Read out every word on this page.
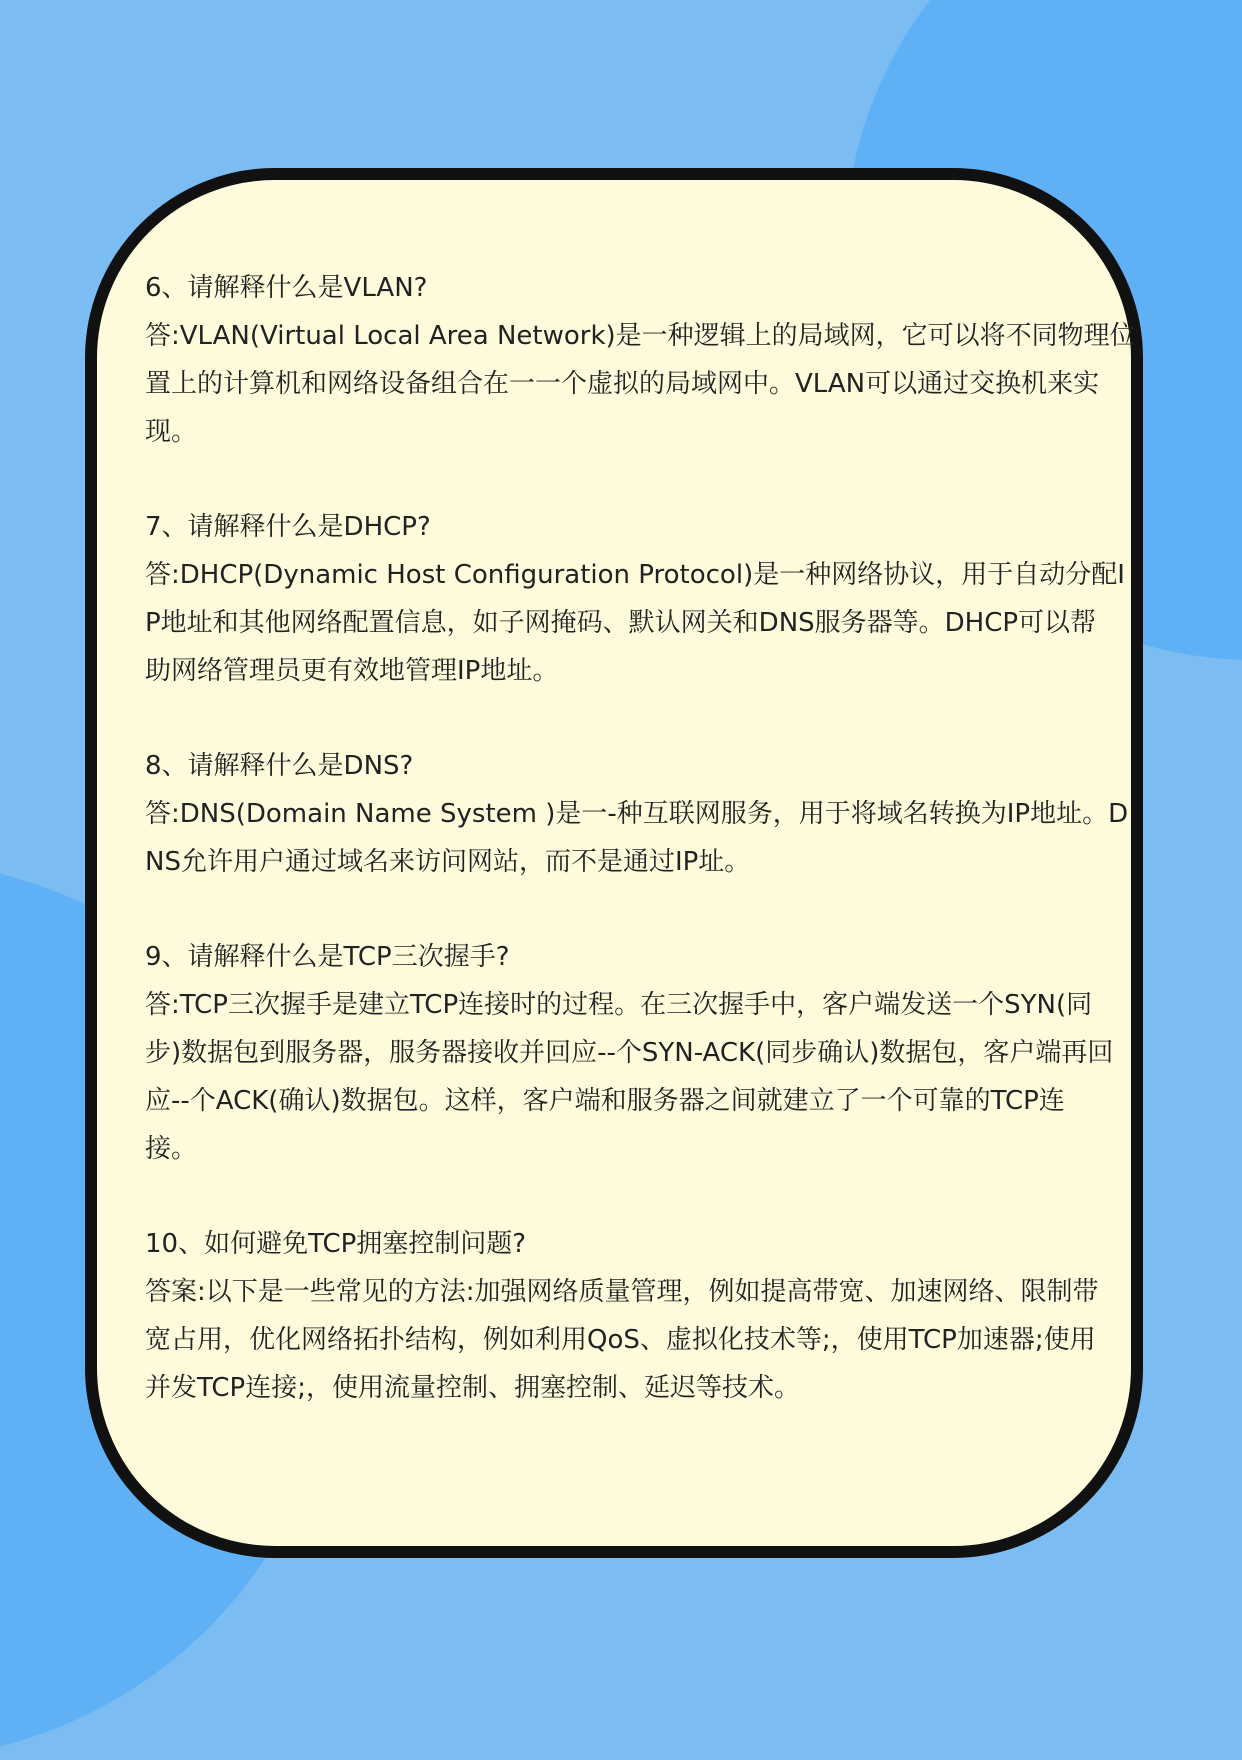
6、请解释什么是VLAN?
答:VLAN(Virtual Local Area Network)是一种逻辑上的局域网，它可以将不同物理位
置上的计算机和网络设备组合在一一个虚拟的局域网中。VLAN可以通过交换机来实
现。
7、请解释什么是DHCP?
答:DHCP(Dynamic Host Configuration Protocol)是一种网络协议，用于自动分配I
P地址和其他网络配置信息，如子网掩码、默认网关和DNS服务器等。DHCP可以帮
助网络管理员更有效地管理IP地址。
8、请解释什么是DNS?
答:DNS(Domain Name System )是一-种互联网服务，用于将域名转换为IP地址。D
NS允许用户通过域名来访问网站，而不是通过IP址。
9、请解释什么是TCP三次握手?
答:TCP三次握手是建立TCP连接时的过程。在三次握手中，客户端发送一个SYN(同
步)数据包到服务器，服务器接收并回应--个SYN-ACK(同步确认)数据包，客户端再回
应--个ACK(确认)数据包。这样，客户端和服务器之间就建立了一个可靠的TCP连
接。
10、如何避免TCP拥塞控制问题?
答案:以下是一些常见的方法:加强网络质量管理，例如提高带宽、加速网络、限制带
宽占用，优化网络拓扑结构，例如利用QoS、虚拟化技术等;，使用TCP加速器;使用
并发TCP连接;，使用流量控制、拥塞控制、延迟等技术。
